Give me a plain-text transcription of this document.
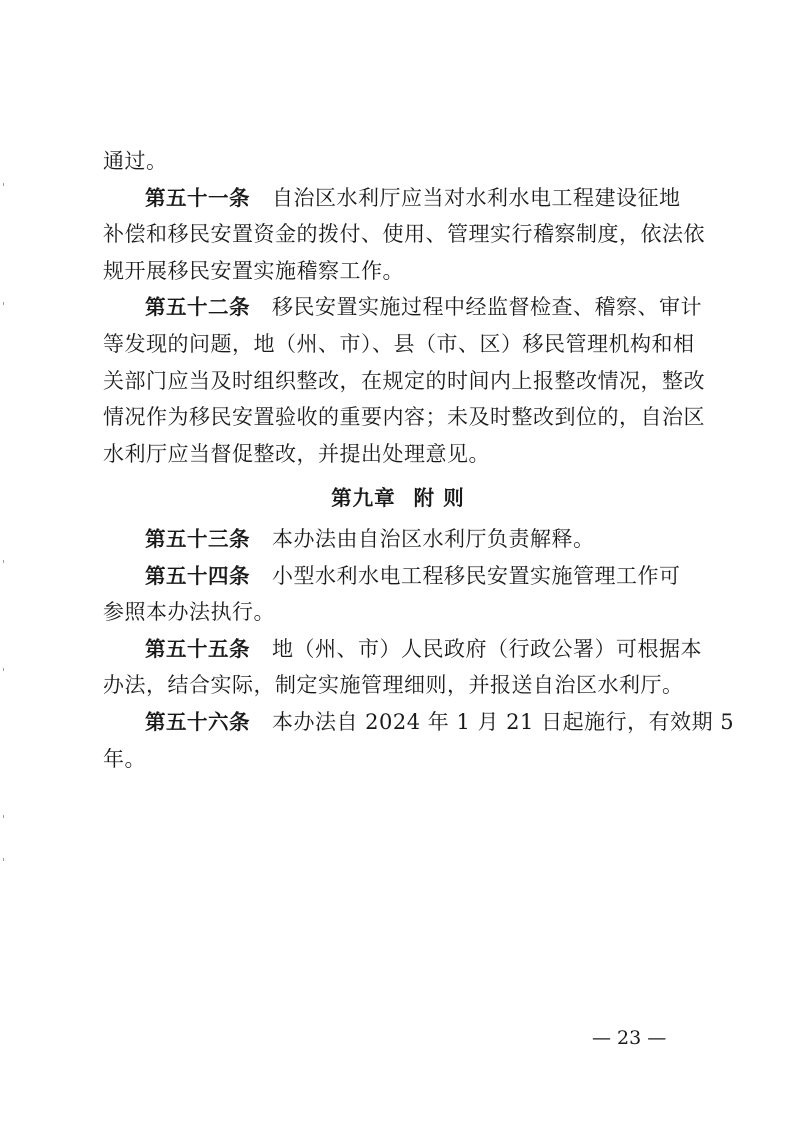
通过。
第五十一条 自治区水利厅应当对水利水电工程建设征地
补偿和移民安置资金的拨付、使用、管理实行稽察制度，依法依
规开展移民安置实施稽察工作。
第五十二条 移民安置实施过程中经监督检查、稽察、审计
等发现的问题，地（州、市）、县（市、区）移民管理机构和相
关部门应当及时组织整改，在规定的时间内上报整改情况，整改
情况作为移民安置验收的重要内容；未及时整改到位的，自治区
水利厅应当督促整改，并提出处理意见。
第九章 附 则
第五十三条 本办法由自治区水利厅负责解释。
第五十四条 小型水利水电工程移民安置实施管理工作可
参照本办法执行。
第五十五条 地（州、市）人民政府（行政公署）可根据本
办法，结合实际，制定实施管理细则，并报送自治区水利厅。
第五十六条 本办法自 2024 年 1 月 21 日起施行，有效期 5
年。
— 23 —
